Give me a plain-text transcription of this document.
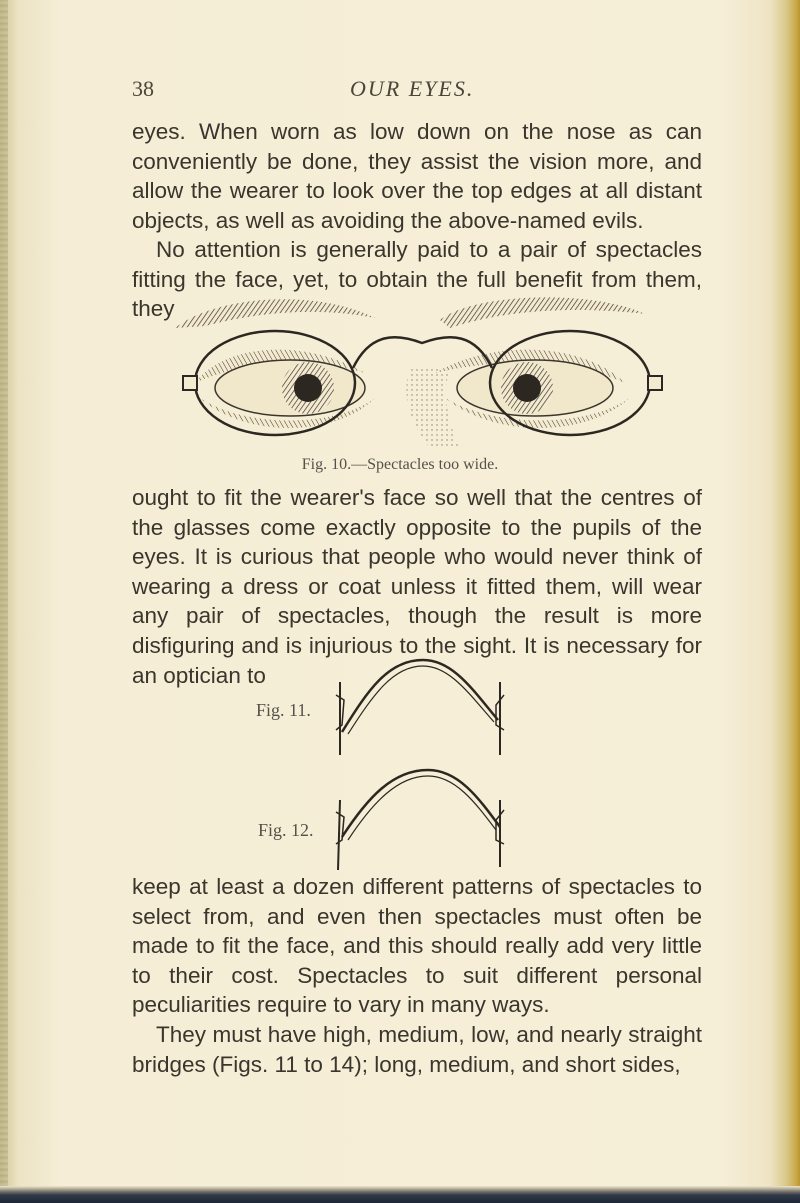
38	OUR EYES.

eyes. When worn as low down on the nose as can conveniently be done, they assist the vision more, and allow the wearer to look over the top edges at all distant objects, as well as avoiding the above-named evils.

No attention is generally paid to a pair of spectacles fitting the face, yet, to obtain the full benefit from them, they

Fig. 10.—Spectacles too wide.

ought to fit the wearer's face so well that the centres of the glasses come exactly opposite to the pupils of the eyes. It is curious that people who would never think of wearing a dress or coat unless it fitted them, will wear any pair of spectacles, though the result is more disfiguring and is injurious to the sight. It is necessary for an optician to

Fig. 11.
Fig. 12.

keep at least a dozen different patterns of spectacles to select from, and even then spectacles must often be made to fit the face, and this should really add very little to their cost. Spectacles to suit different personal peculiarities require to vary in many ways.

They must have high, medium, low, and nearly straight bridges (Figs. 11 to 14); long, medium, and short sides,
